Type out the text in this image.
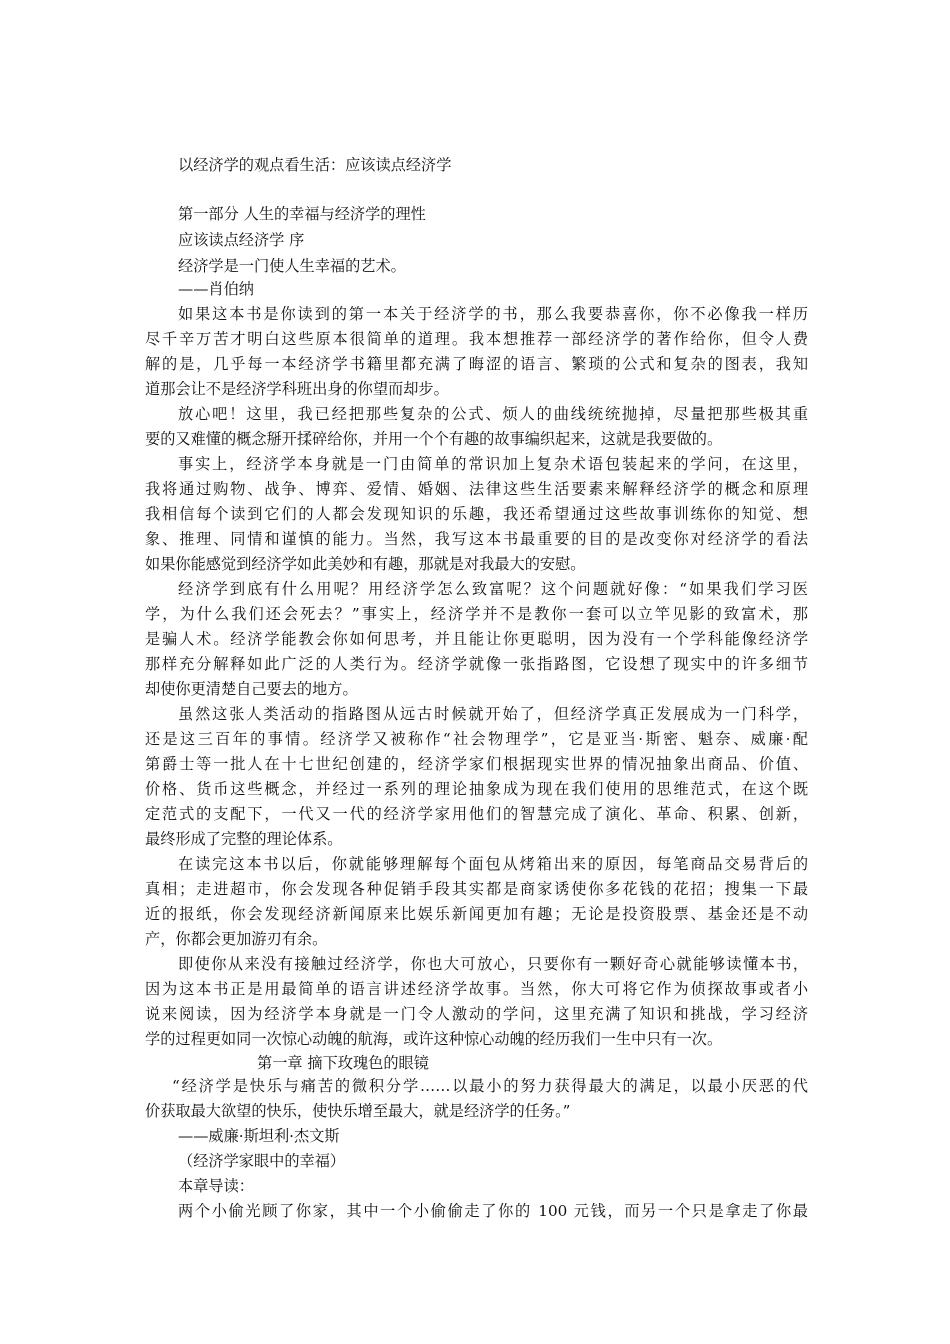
以经济学的观点看生活：应该读点经济学
第一部分 人生的幸福与经济学的理性
应该读点经济学 序
经济学是一门使人生幸福的艺术。
——肖伯纳
如果这本书是你读到的第一本关于经济学的书，那么我要恭喜你，你不必像我一样历
尽千辛万苦才明白这些原本很简单的道理。我本想推荐一部经济学的著作给你，但令人费
解的是，几乎每一本经济学书籍里都充满了晦涩的语言、繁琐的公式和复杂的图表，我知
道那会让不是经济学科班出身的你望而却步。
放心吧！这里，我已经把那些复杂的公式、烦人的曲线统统抛掉，尽量把那些极其重
要的又难懂的概念掰开揉碎给你，并用一个个有趣的故事编织起来，这就是我要做的。
事实上，经济学本身就是一门由简单的常识加上复杂术语包装起来的学问，在这里，
我将通过购物、战争、博弈、爱情、婚姻、法律这些生活要素来解释经济学的概念和原理
我相信每个读到它们的人都会发现知识的乐趣，我还希望通过这些故事训练你的知觉、想
象、推理、同情和谨慎的能力。当然，我写这本书最重要的目的是改变你对经济学的看法
如果你能感觉到经济学如此美妙和有趣，那就是对我最大的安慰。
经济学到底有什么用呢？用经济学怎么致富呢？这个问题就好像：“如果我们学习医
学，为什么我们还会死去？”事实上，经济学并不是教你一套可以立竿见影的致富术，那
是骗人术。经济学能教会你如何思考，并且能让你更聪明，因为没有一个学科能像经济学
那样充分解释如此广泛的人类行为。经济学就像一张指路图，它设想了现实中的许多细节
却使你更清楚自己要去的地方。
虽然这张人类活动的指路图从远古时候就开始了，但经济学真正发展成为一门科学，
还是这三百年的事情。经济学又被称作“社会物理学”，它是亚当·斯密、魁奈、威廉·配
第爵士等一批人在十七世纪创建的，经济学家们根据现实世界的情况抽象出商品、价值、
价格、货币这些概念，并经过一系列的理论抽象成为现在我们使用的思维范式，在这个既
定范式的支配下，一代又一代的经济学家用他们的智慧完成了演化、革命、积累、创新，
最终形成了完整的理论体系。
在读完这本书以后，你就能够理解每个面包从烤箱出来的原因，每笔商品交易背后的
真相；走进超市，你会发现各种促销手段其实都是商家诱使你多花钱的花招；搜集一下最
近的报纸，你会发现经济新闻原来比娱乐新闻更加有趣；无论是投资股票、基金还是不动
产，你都会更加游刃有余。
即使你从来没有接触过经济学，你也大可放心，只要你有一颗好奇心就能够读懂本书，
因为这本书正是用最简单的语言讲述经济学故事。当然，你大可将它作为侦探故事或者小
说来阅读，因为经济学本身就是一门令人激动的学问，这里充满了知识和挑战，学习经济
学的过程更如同一次惊心动魄的航海，或许这种惊心动魄的经历我们一生中只有一次。
第一章 摘下玫瑰色的眼镜
“经济学是快乐与痛苦的微积分学……以最小的努力获得最大的满足，以最小厌恶的代
价获取最大欲望的快乐，使快乐增至最大，就是经济学的任务。”
——威廉·斯坦利·杰文斯
（经济学家眼中的幸福）
本章导读：
两个小偷光顾了你家，其中一个小偷偷走了你的 100 元钱，而另一个只是拿走了你最
